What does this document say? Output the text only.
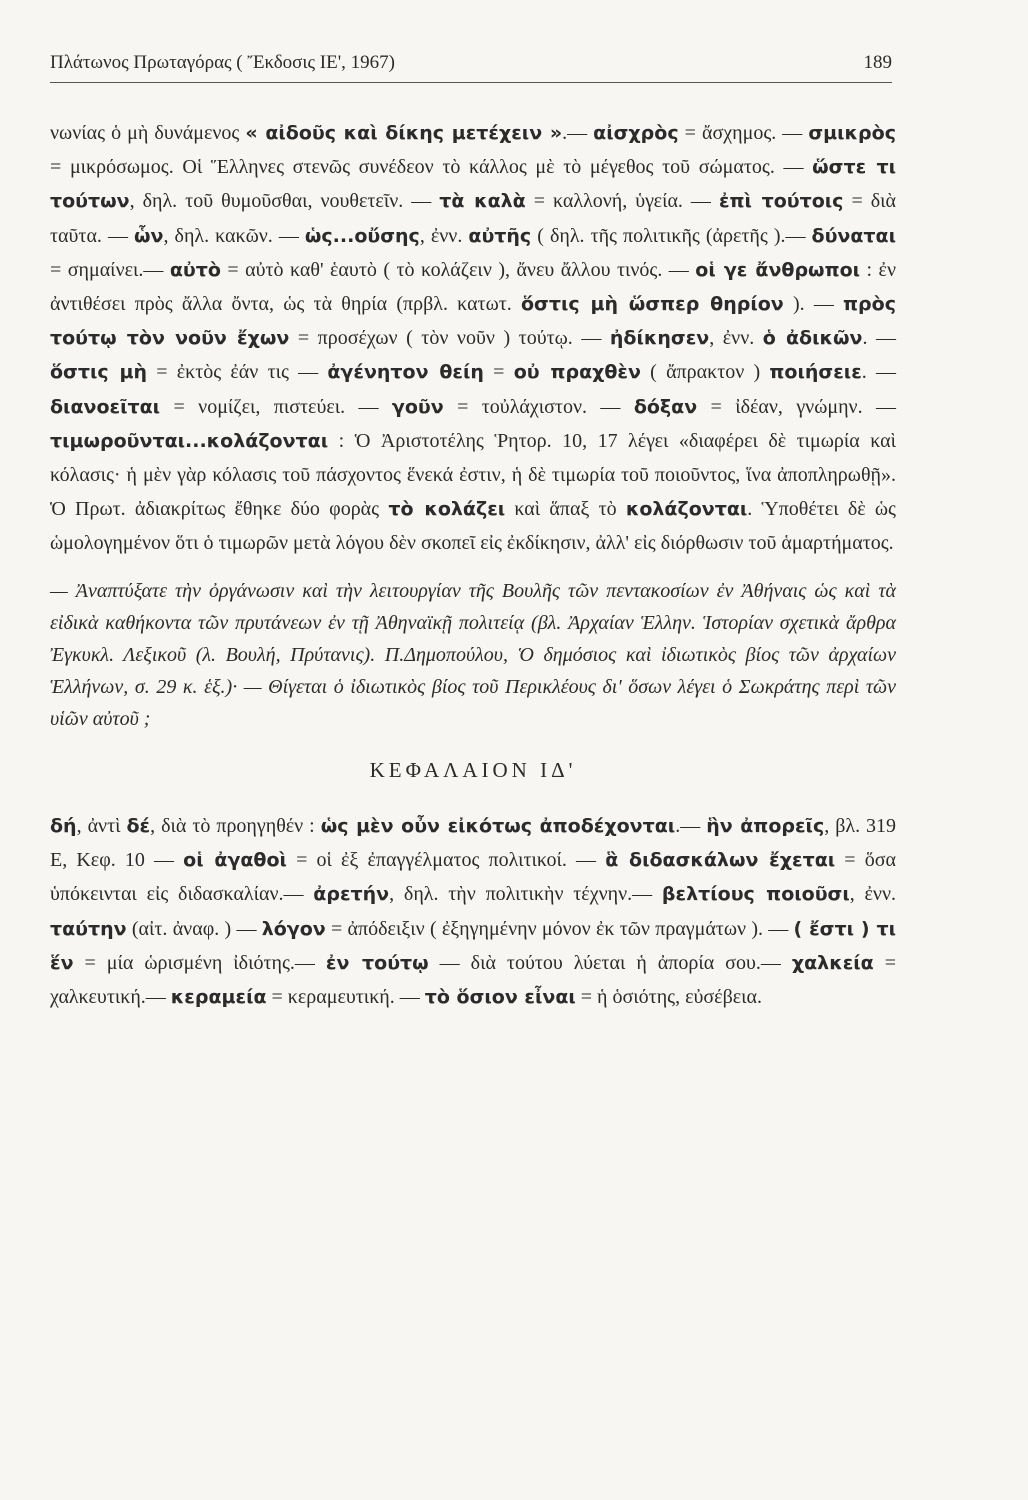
Πλάτωνος Πρωταγόρας ( Ἔκδοσις ΙΕ', 1967)	189

νωνίας ὁ μὴ δυνάμενος « αἰδοῦς καὶ δίκης μετέχειν ».— αἰσχρὸς = ἄσχημος. — σμικρὸς = μικρόσωμος. Οἱ Ἕλληνες στενῶς συνέδεον τὸ κάλλος μὲ τὸ μέγεθος τοῦ σώματος. — ὥστε τι τούτων, δηλ. τοῦ θυμοῦσθαι, νουθετεῖν. — τὰ καλὰ = καλλονή, ὑγεία. — ἐπὶ τούτοις = διὰ ταῦτα. — ὧν, δηλ. κακῶν. — ὡς...οὔσης, ἐνν. αὐτῆς ( δηλ. τῆς πολιτικῆς (ἀρετῆς ).— δύναται = σημαίνει.— αὐτὸ = αὐτὸ καθ' ἑαυτὸ ( τὸ κολάζειν ), ἄνευ ἄλλου τινός. — οἱ γε ἄνθρωποι : ἐν ἀντιθέσει πρὸς ἄλλα ὄντα, ὡς τὰ θηρία (πρβλ. κατωτ. ὅστις μὴ ὥσπερ θηρίον ). — πρὸς τούτῳ τὸν νοῦν ἔχων = προσέχων ( τὸν νοῦν ) τούτῳ. — ἠδίκησεν, ἐνν. ὁ ἀδικῶν. — ὅστις μὴ = ἐκτὸς ἐάν τις — ἀγένητον θείη = οὐ πραχθὲν ( ἄπρακτον ) ποιήσειε. — διανοεῖται = νομίζει, πιστεύει. — γοῦν = τοὐλάχιστον. — δόξαν = ἰδέαν, γνώμην. — τιμωροῦνται...κολάζονται : Ὁ Ἀριστοτέλης Ῥητορ. 10, 17 λέγει «διαφέρει δὲ τιμωρία καὶ κόλασις· ἡ μὲν γὰρ κόλασις τοῦ πάσχοντος ἕνεκά ἐστιν, ἡ δὲ τιμωρία τοῦ ποιοῦντος, ἵνα ἀποπληρωθῇ». Ὁ Πρωτ. ἀδιακρίτως ἔθηκε δύο φορὰς τὸ κολάζει καὶ ἅπαξ τὸ κολάζονται. Ὑποθέτει δὲ ὡς ὡμολογημένον ὅτι ὁ τιμωρῶν μετὰ λόγου δὲν σκοπεῖ εἰς ἐκδίκησιν, ἀλλ' εἰς διόρθωσιν τοῦ ἁμαρτήματος.

— Ἀναπτύξατε τὴν ὀργάνωσιν καὶ τὴν λειτουργίαν τῆς Βουλῆς τῶν πεντακοσίων ἐν Ἀθήναις ὡς καὶ τὰ εἰδικὰ καθήκοντα τῶν πρυτάνεων ἐν τῇ Ἀθηναϊκῇ πολιτείᾳ (βλ. Ἀρχαίαν Ἑλλην. Ἱστορίαν σχετικὰ ἄρθρα Ἐγκυκλ. Λεξικοῦ (λ. Βουλή, Πρύτανις). Π.Δημοπούλου, Ὁ δημόσιος καὶ ἰδιωτικὸς βίος τῶν ἀρχαίων Ἑλλήνων, σ. 29 κ. ἑξ.)· — Θίγεται ὁ ἰδιωτικὸς βίος τοῦ Περικλέους δι' ὅσων λέγει ὁ Σωκράτης περὶ τῶν υἱῶν αὐτοῦ ;

ΚΕΦΑΛΑΙΟΝ ΙΔ'

δή, ἀντὶ δέ, διὰ τὸ προηγηθέν : ὡς μὲν οὖν εἰκότως ἀποδέχονται.— ἣν ἀπορεῖς, βλ. 319 Ε, Κεφ. 10 — οἱ ἀγαθοὶ = οἱ ἐξ ἐπαγγέλματος πολιτικοί. — ἃ διδασκάλων ἔχεται = ὅσα ὑπόκεινται εἰς διδασκαλίαν.— ἀρετήν, δηλ. τὴν πολιτικὴν τέχνην.— βελτίους ποιοῦσι, ἐνν. ταύτην (αἰτ. ἀναφ. ) — λόγον = ἀπόδειξιν ( ἐξηγημένην μόνον ἐκ τῶν πραγμάτων ). — ( ἔστι ) τι ἕν = μία ὡρισμένη ἰδιότης.— ἐν τούτῳ — διὰ τούτου λύεται ἡ ἀπορία σου.— χαλκεία = χαλκευτική.— κεραμεία = κεραμευτική. — τὸ ὅσιον εἶναι = ἡ ὁσιότης, εὐσέβεια.
